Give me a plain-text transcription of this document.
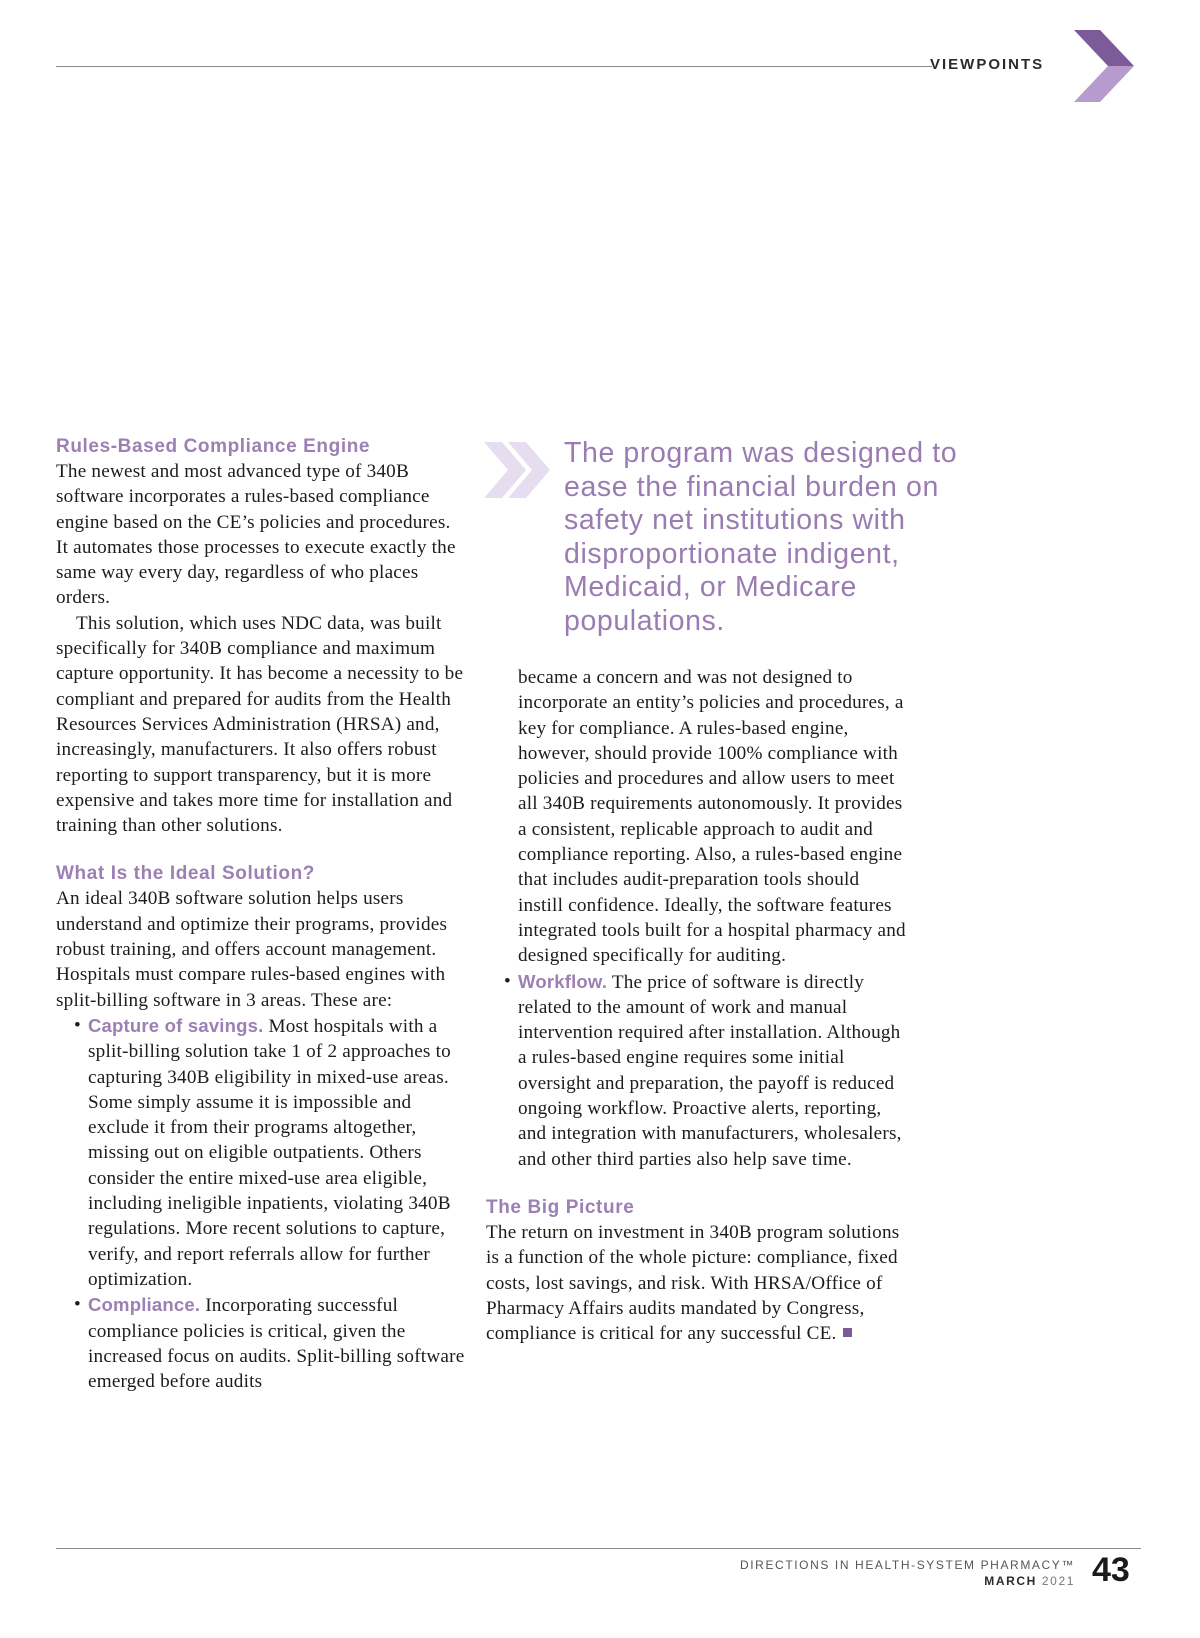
VIEWPOINTS
Rules-Based Compliance Engine

The newest and most advanced type of 340B software incorporates a rules-based compliance engine based on the CE’s policies and procedures. It automates those processes to execute exactly the same way every day, regardless of who places orders.

This solution, which uses NDC data, was built specifically for 340B compliance and maximum capture opportunity. It has become a necessity to be compliant and prepared for audits from the Health Resources Services Administration (HRSA) and, increasingly, manufacturers. It also offers robust reporting to support transparency, but it is more expensive and takes more time for installation and training than other solutions.

What Is the Ideal Solution?

An ideal 340B software solution helps users understand and optimize their programs, provides robust training, and offers account management. Hospitals must compare rules-based engines with split-billing software in 3 areas. These are:

• Capture of savings. Most hospitals with a split-billing solution take 1 of 2 approaches to capturing 340B eligibility in mixed-use areas. Some simply assume it is impossible and exclude it from their programs altogether, missing out on eligible outpatients. Others consider the entire mixed-use area eligible, including ineligible inpatients, violating 340B regulations. More recent solutions to capture, verify, and report referrals allow for further optimization.
• Compliance. Incorporating successful compliance policies is critical, given the increased focus on audits. Split-billing software emerged before audits
The program was designed to ease the financial burden on safety net institutions with disproportionate indigent, Medicaid, or Medicare populations.

became a concern and was not designed to incorporate an entity’s policies and procedures, a key for compliance. A rules-based engine, however, should provide 100% compliance with policies and procedures and allow users to meet all 340B requirements autonomously. It provides a consistent, replicable approach to audit and compliance reporting. Also, a rules-based engine that includes audit-preparation tools should instill confidence. Ideally, the software features integrated tools built for a hospital pharmacy and designed specifically for auditing.

• Workflow. The price of software is directly related to the amount of work and manual intervention required after installation. Although a rules-based engine requires some initial oversight and preparation, the payoff is reduced ongoing workflow. Proactive alerts, reporting, and integration with manufacturers, wholesalers, and other third parties also help save time.
The Big Picture

The return on investment in 340B program solutions is a function of the whole picture: compliance, fixed costs, lost savings, and risk. With HRSA/Office of Pharmacy Affairs audits mandated by Congress, compliance is critical for any successful CE.

DIRECTIONS IN HEALTH-SYSTEM PHARMACY™
MARCH 2021 43
